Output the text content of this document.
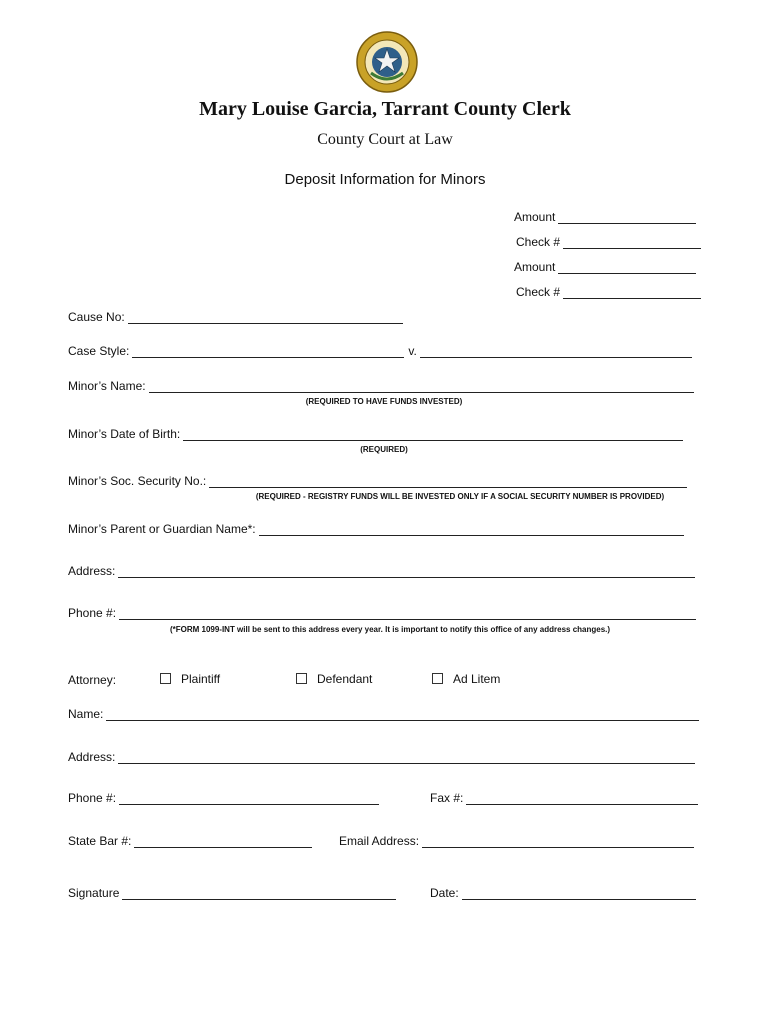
Mary Louise Garcia, Tarrant County Clerk
County Court at Law
Deposit Information for Minors
Amount
Check #
Amount
Check #
Cause No:
Case Style:	v.
Minor’s Name:
(REQUIRED TO HAVE FUNDS INVESTED)
Minor’s Date of Birth:
(REQUIRED)
Minor’s Soc. Security No.:
(REQUIRED - REGISTRY FUNDS WILL BE INVESTED ONLY IF A SOCIAL SECURITY NUMBER IS PROVIDED)
Minor’s Parent or Guardian Name*:
Address:
Phone #:
(*FORM 1099-INT will be sent to this address every year. It is important to notify this office of any address changes.)
Attorney:	Plaintiff	Defendant	Ad Litem
Name:
Address:
Phone #:	Fax #:
State Bar #:	Email Address:
Signature	Date:
